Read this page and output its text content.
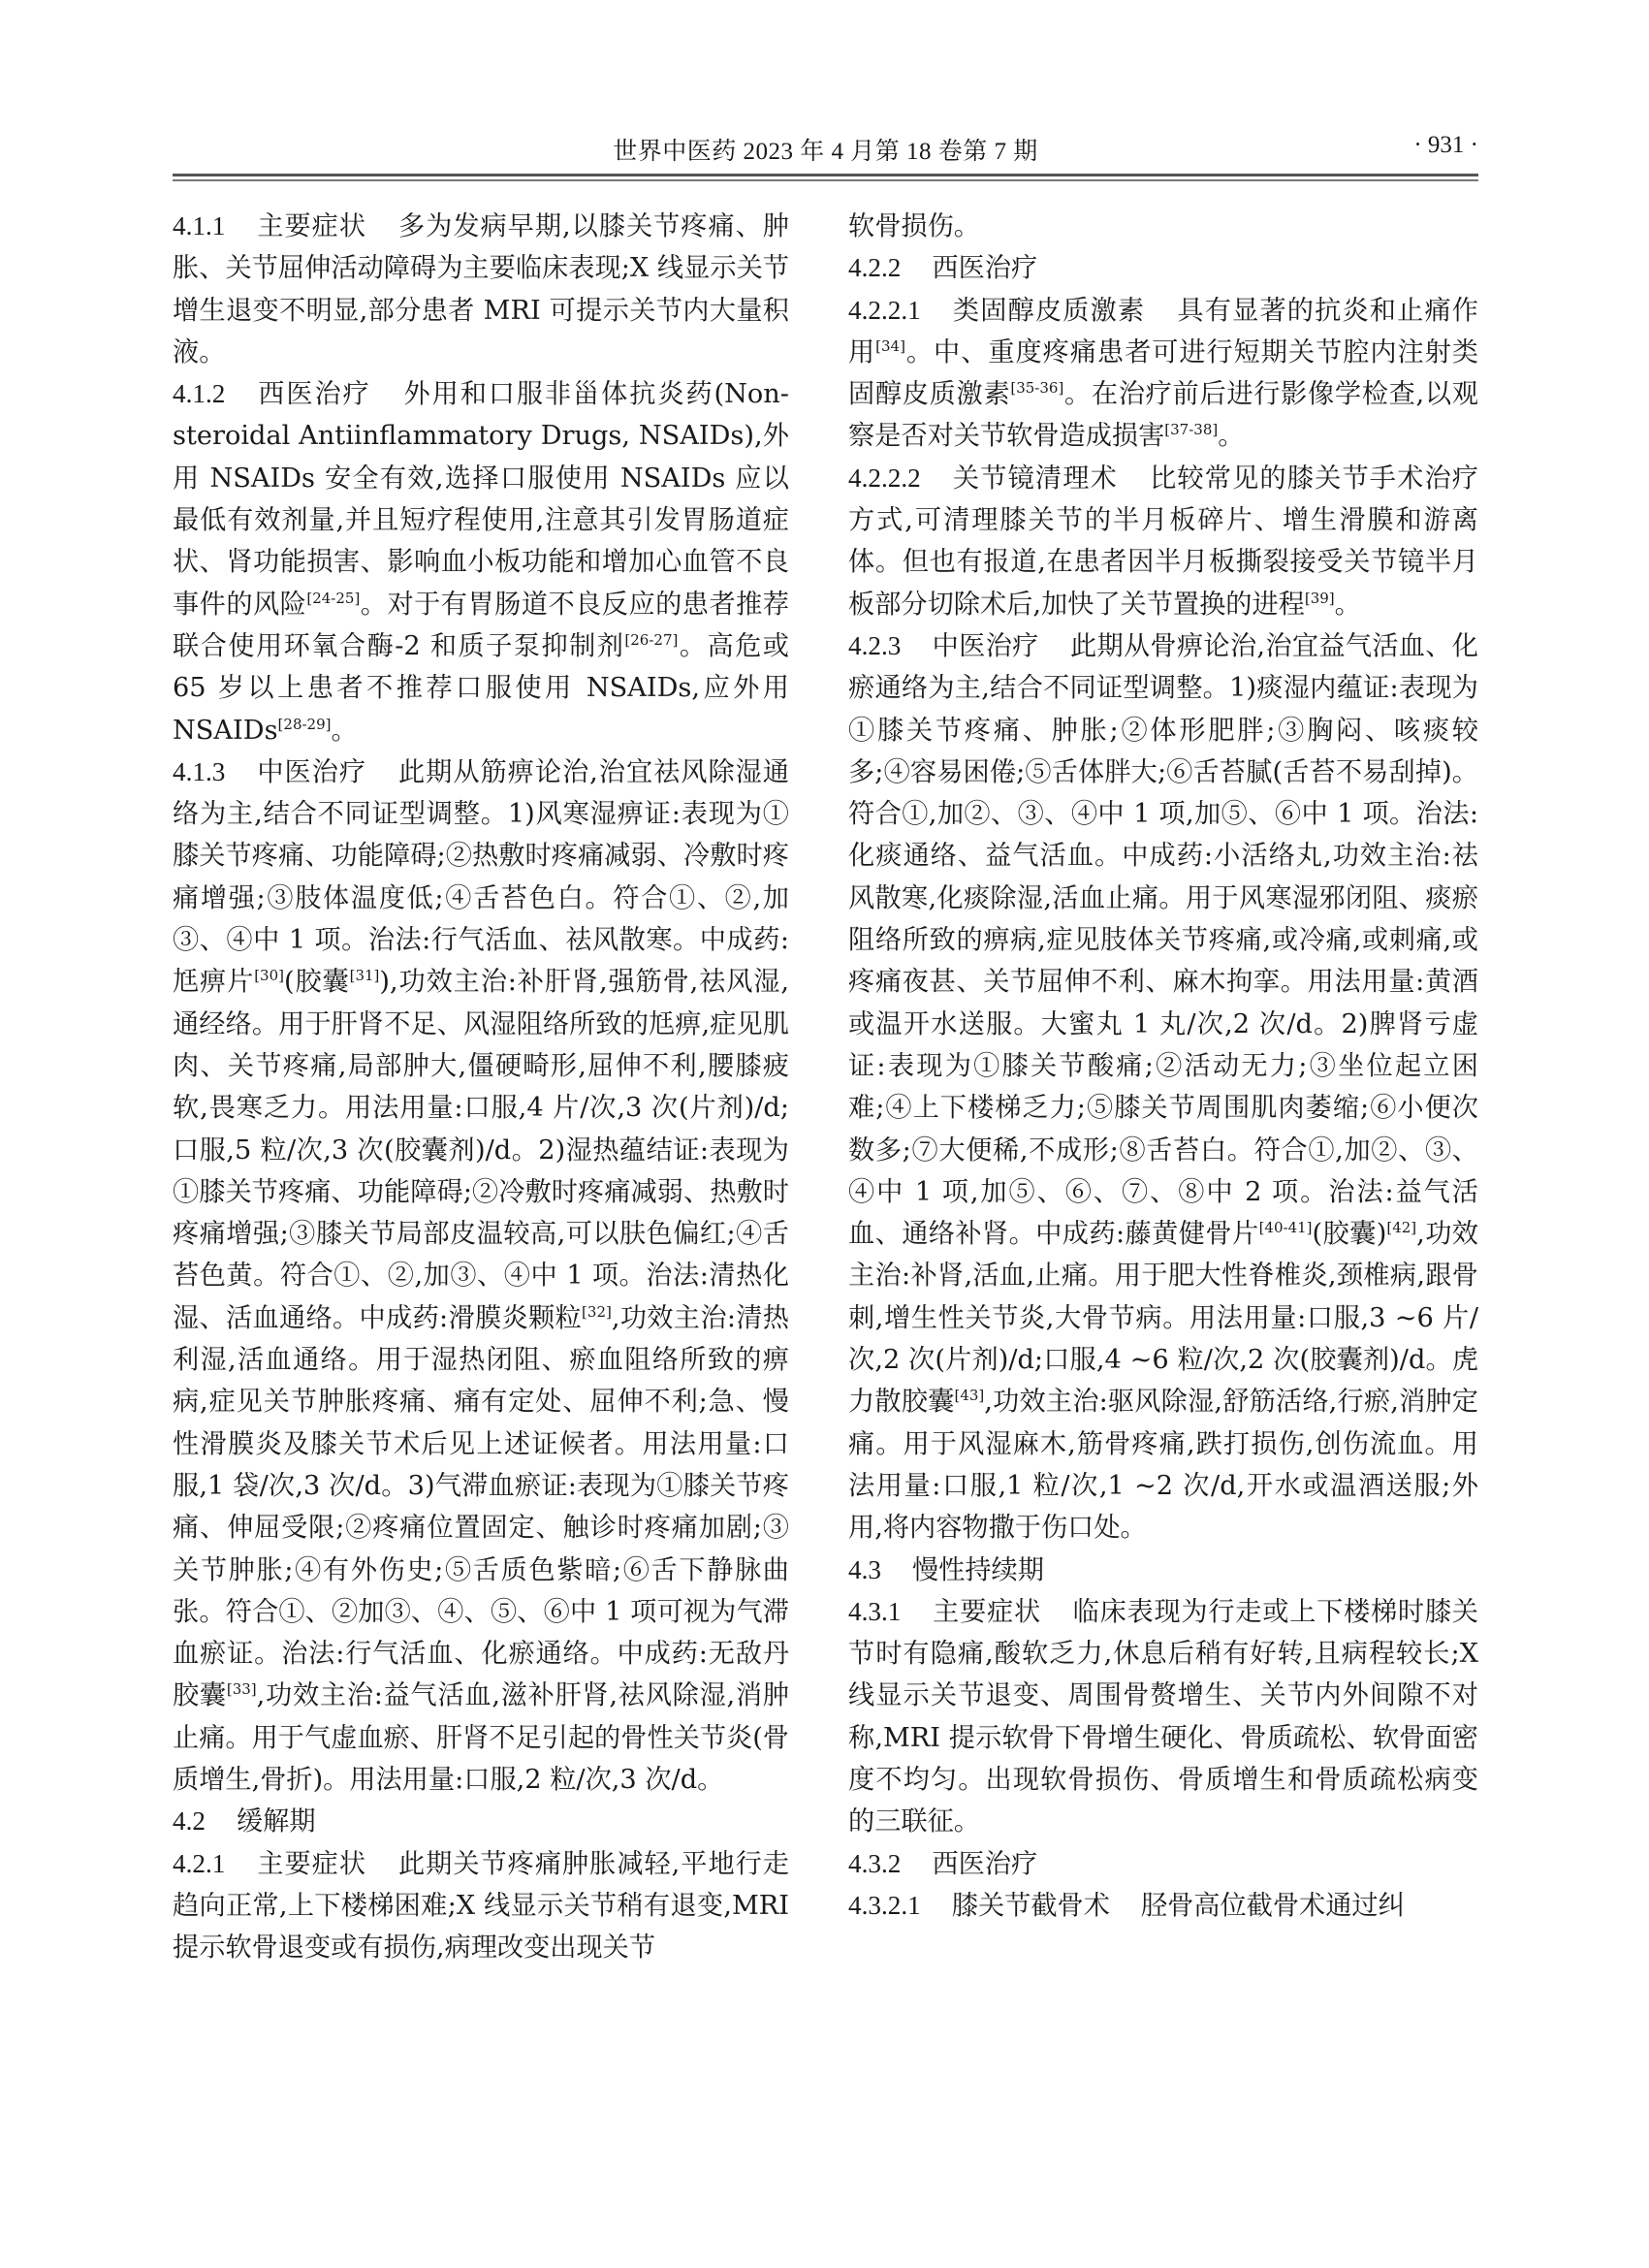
世界中医药 2023 年 4 月第 18 卷第 7 期	· 931 ·

4.1.1 主要症状 多为发病早期,以膝关节疼痛、肿胀、关节屈伸活动障碍为主要临床表现;X 线显示关节增生退变不明显,部分患者 MRI 可提示关节内大量积液。

4.1.2 西医治疗 外用和口服非甾体抗炎药(Non-steroidal Antiinflammatory Drugs, NSAIDs),外用 NSAIDs 安全有效,选择口服使用 NSAIDs 应以最低有效剂量,并且短疗程使用,注意其引发胃肠道症状、肾功能损害、影响血小板功能和增加心血管不良事件的风险[24-25]。对于有胃肠道不良反应的患者推荐联合使用环氧合酶-2 和质子泵抑制剂[26-27]。高危或 65 岁以上患者不推荐口服使用 NSAIDs,应外用 NSAIDs[28-29]。

4.1.3 中医治疗 此期从筋痹论治,治宜祛风除湿通络为主,结合不同证型调整。1)风寒湿痹证:表现为①膝关节疼痛、功能障碍;②热敷时疼痛减弱、冷敷时疼痛增强;③肢体温度低;④舌苔色白。符合①、②,加③、④中 1 项。治法:行气活血、祛风散寒。中成药:尪痹片[30](胶囊[31]),功效主治:补肝肾,强筋骨,祛风湿,通经络。用于肝肾不足、风湿阻络所致的尪痹,症见肌肉、关节疼痛,局部肿大,僵硬畸形,屈伸不利,腰膝疲软,畏寒乏力。用法用量:口服,4 片/次,3 次(片剂)/d;口服,5 粒/次,3 次(胶囊剂)/d。2)湿热蕴结证:表现为①膝关节疼痛、功能障碍;②冷敷时疼痛减弱、热敷时疼痛增强;③膝关节局部皮温较高,可以肤色偏红;④舌苔色黄。符合①、②,加③、④中 1 项。治法:清热化湿、活血通络。中成药:滑膜炎颗粒[32],功效主治:清热利湿,活血通络。用于湿热闭阻、瘀血阻络所致的痹病,症见关节肿胀疼痛、痛有定处、屈伸不利;急、慢性滑膜炎及膝关节术后见上述证候者。用法用量:口服,1 袋/次,3 次/d。3)气滞血瘀证:表现为①膝关节疼痛、伸屈受限;②疼痛位置固定、触诊时疼痛加剧;③关节肿胀;④有外伤史;⑤舌质色紫暗;⑥舌下静脉曲张。符合①、②加③、④、⑤、⑥中 1 项可视为气滞血瘀证。治法:行气活血、化瘀通络。中成药:无敌丹胶囊[33],功效主治:益气活血,滋补肝肾,祛风除湿,消肿止痛。用于气虚血瘀、肝肾不足引起的骨性关节炎(骨质增生,骨折)。用法用量:口服,2 粒/次,3 次/d。

4.2 缓解期

4.2.1 主要症状 此期关节疼痛肿胀减轻,平地行走趋向正常,上下楼梯困难;X 线显示关节稍有退变,MRI 提示软骨退变或有损伤,病理改变出现关节

软骨损伤。

4.2.2 西医治疗

4.2.2.1 类固醇皮质激素 具有显著的抗炎和止痛作用[34]。中、重度疼痛患者可进行短期关节腔内注射类固醇皮质激素[35-36]。在治疗前后进行影像学检查,以观察是否对关节软骨造成损害[37-38]。

4.2.2.2 关节镜清理术 比较常见的膝关节手术治疗方式,可清理膝关节的半月板碎片、增生滑膜和游离体。但也有报道,在患者因半月板撕裂接受关节镜半月板部分切除术后,加快了关节置换的进程[39]。

4.2.3 中医治疗 此期从骨痹论治,治宜益气活血、化瘀通络为主,结合不同证型调整。1)痰湿内蕴证:表现为①膝关节疼痛、肿胀;②体形肥胖;③胸闷、咳痰较多;④容易困倦;⑤舌体胖大;⑥舌苔腻(舌苔不易刮掉)。符合①,加②、③、④中 1 项,加⑤、⑥中 1 项。治法:化痰通络、益气活血。中成药:小活络丸,功效主治:祛风散寒,化痰除湿,活血止痛。用于风寒湿邪闭阻、痰瘀阻络所致的痹病,症见肢体关节疼痛,或冷痛,或刺痛,或疼痛夜甚、关节屈伸不利、麻木拘挛。用法用量:黄酒或温开水送服。大蜜丸 1 丸/次,2 次/d。2)脾肾亏虚证:表现为①膝关节酸痛;②活动无力;③坐位起立困难;④上下楼梯乏力;⑤膝关节周围肌肉萎缩;⑥小便次数多;⑦大便稀,不成形;⑧舌苔白。符合①,加②、③、④中 1 项,加⑤、⑥、⑦、⑧中 2 项。治法:益气活血、通络补肾。中成药:藤黄健骨片[40-41](胶囊)[42],功效主治:补肾,活血,止痛。用于肥大性脊椎炎,颈椎病,跟骨刺,增生性关节炎,大骨节病。用法用量:口服,3 ~6 片/次,2 次(片剂)/d;口服,4 ~6 粒/次,2 次(胶囊剂)/d。虎力散胶囊[43],功效主治:驱风除湿,舒筋活络,行瘀,消肿定痛。用于风湿麻木,筋骨疼痛,跌打损伤,创伤流血。用法用量:口服,1 粒/次,1 ~2 次/d,开水或温酒送服;外用,将内容物撒于伤口处。

4.3 慢性持续期

4.3.1 主要症状 临床表现为行走或上下楼梯时膝关节时有隐痛,酸软乏力,休息后稍有好转,且病程较长;X 线显示关节退变、周围骨赘增生、关节内外间隙不对称,MRI 提示软骨下骨增生硬化、骨质疏松、软骨面密度不均匀。出现软骨损伤、骨质增生和骨质疏松病变的三联征。

4.3.2 西医治疗

4.3.2.1 膝关节截骨术 胫骨高位截骨术通过纠
